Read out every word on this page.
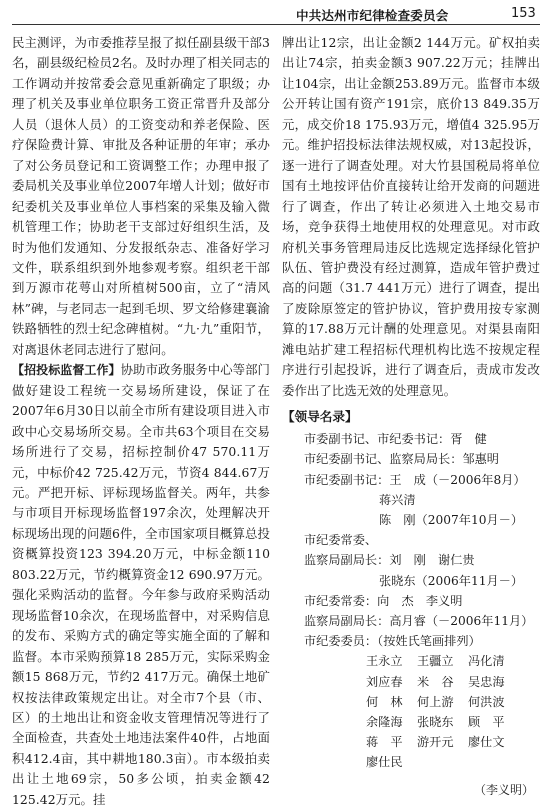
中共达州市纪律检查委员会	153

民主测评，为市委推荐呈报了拟任副县级干部3名，副县级纪检员2名。及时办理了相关同志的工作调动并按常委会意见重新确定了职级；办理了机关及事业单位职务工资正常晋升及部分人员（退休人员）的工资变动和养老保险、医疗保险费计算、审批及各种证册的年审；承办了对公务员登记和工资调整工作；办理申报了委局机关及事业单位2007年增人计划；做好市纪委机关及事业单位人事档案的采集及输入微机管理工作；协助老干支部过好组织生活，及时为他们发通知、分发报纸杂志、准备好学习文件，联系组织到外地参观考察。组织老干部到万源市花萼山对所植树500亩，立了“清风林”碑，与老同志一起到毛坝、罗文给修建襄渝铁路牺牲的烈士纪念碑植树。“九·九”重阳节，对离退休老同志进行了慰问。

【招投标监督工作】协助市政务服务中心等部门做好建设工程统一交易场所建设，保证了在2007年6月30日以前全市所有建设项目进入市政中心交易场所交易。全市共63个项目在交易场所进行了交易，招标控制价47 570.11万元，中标价42 725.42万元，节资4 844.67万元。严把开标、评标现场监督关。两年，共参与市项目开标现场监督197余次，处理解决开标现场出现的问题6件，全市国家项目概算总投资概算投资123 394.20万元，中标金额110 803.22万元，节约概算资金12 690.97万元。强化采购活动的监督。今年参与政府采购活动现场监督10余次，在现场监督中，对采购信息的发布、采购方式的确定等实施全面的了解和监督。本市采购预算18 285万元，实际采购金额15 868万元，节约2 417万元。确保土地矿权按法律政策规定出让。对全市7个县（市、区）的土地出让和资金收支管理情况等进行了全面检查，共查处土地违法案件40件，占地面积412.4亩，其中耕地180.3亩）。市本级拍卖出让土地69宗，50多公顷，拍卖金额42 125.42万元。挂

牌出让12宗，出让金额2 144万元。矿权拍卖出让74宗，拍卖金额3 907.22万元；挂牌出让104宗，出让金额253.89万元。监督市本级公开转让国有资产191宗，底价13 849.35万元，成交价18 175.93万元，增值4 325.95万元。维护招投标法律法规权威，对13起投诉，逐一进行了调查处理。对大竹县国税局将单位国有土地按评估价直接转让给开发商的问题进行了调查，作出了转让必须进入土地交易市场，竞争获得土地使用权的处理意见。对市政府机关事务管理局违反比选规定选择绿化管护队伍、管护费没有经过测算，造成年管护费过高的问题（31.7 441万元）进行了调查，提出了废除原签定的管护协议，管护费用按专家测算的17.88万元计酬的处理意见。对渠县南阳滩电站扩建工程招标代理机构比选不按规定程序进行引起投诉，进行了调查后，责成市发改委作出了比选无效的处理意见。

【领导名录】
市委副书记、市纪委书记：胥　健
市纪委副书记、监察局局长：邹惠明
市纪委副书记：王　成（－2006年8月）
蒋兴清
陈　刚（2007年10月－）
市纪委常委、
监察局副局长：刘　刚　谢仁贵
张晓东（2006年11月－）
市纪委常委：向　杰　李义明
监察局副局长：高月睿（－2006年11月）
市纪委委员：（按姓氏笔画排列）
王永立 王疆立 冯化清
刘应春 米　谷 吴忠海
何　林 何上游 何洪波
余隆海 张晓东 顾　平
蒋　平 游开元 廖仕文
廖仕民
（李义明）
